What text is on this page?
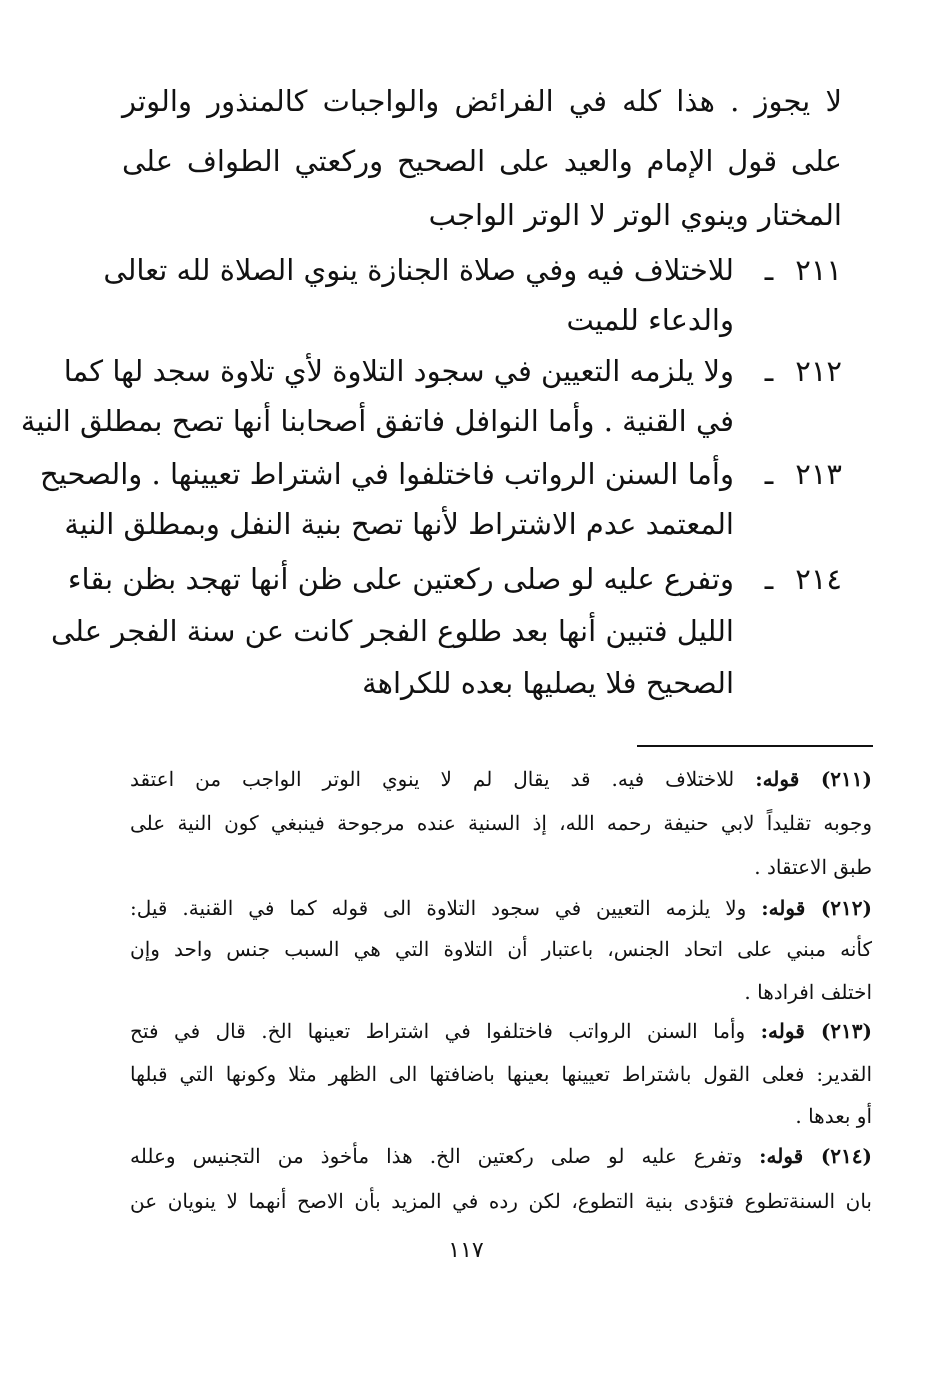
لا يجوز . هذا كله في الفرائض والواجبات كالمنذور والوتر
على قول الإمام والعيد على الصحيح وركعتي الطواف على
المختار وينوي الوتر لا الوتر الواجب
٢١١
ـ
للاختلاف فيه وفي صلاة الجنازة ينوي الصلاة لله تعالى
والدعاء للميت
٢١٢
ـ
ولا يلزمه التعيين في سجود التلاوة لأي تلاوة سجد لها كما
في القنية . وأما النوافل فاتفق أصحابنا أنها تصح بمطلق النية
٢١٣
ـ
وأما السنن الرواتب فاختلفوا في اشتراط تعيينها . والصحيح
المعتمد عدم الاشتراط لأنها تصح بنية النفل وبمطلق النية
٢١٤
ـ
وتفرع عليه لو صلى ركعتين على ظن أنها تهجد بظن بقاء
الليل فتبين أنها بعد طلوع الفجر كانت عن سنة الفجر على
الصحيح فلا يصليها بعده للكراهة
(٢١١) قوله: للاختلاف فيه. قد يقال لم لا ينوي الوتر الواجب من اعتقد
وجوبه تقليداً لابي حنيفة رحمه الله، إذ السنية عنده مرجوحة فينبغي كون النية على
طبق الاعتقاد .
(٢١٢) قوله: ولا يلزمه التعيين في سجود التلاوة الى قوله كما في القنية. قيل:
كأنه مبني على اتحاد الجنس، باعتبار أن التلاوة التي هي السبب جنس واحد وإن
اختلف افرادها .
(٢١٣) قوله: وأما السنن الرواتب فاختلفوا في اشتراط تعينها الخ. قال في فتح
القدير: فعلى القول باشتراط تعيينها بعينها باضافتها الى الظهر مثلا وكونها التي قبلها
أو بعدها .
(٢١٤) قوله: وتفرع عليه لو صلى ركعتين الخ. هذا مأخوذ من التجنيس وعلله
بان السنةتطوع فتؤدى بنية التطوع، لكن رده في المزيد بأن الاصح أنهما لا ينويان عن
١١٧
